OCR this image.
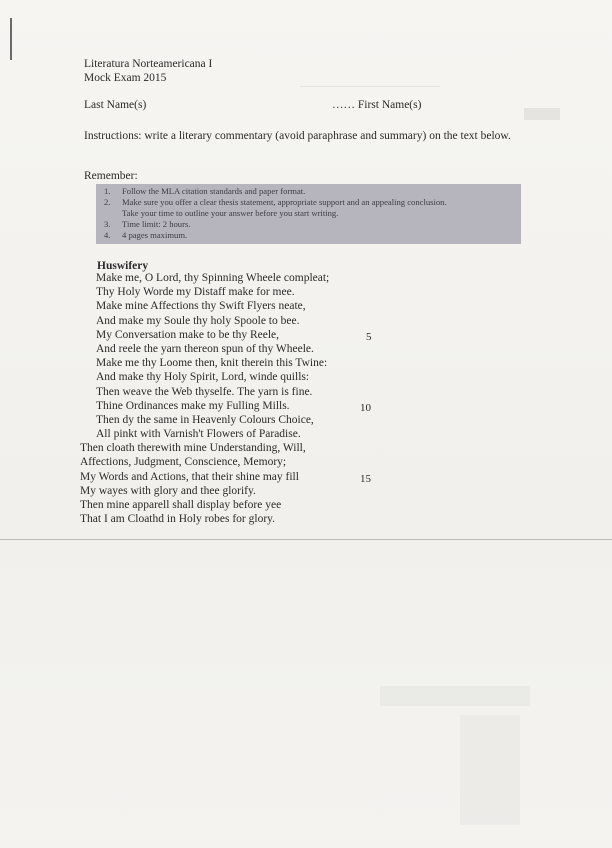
Literatura Norteamericana I
Mock Exam 2015
Last Name(s)	…… First Name(s)
Instructions: write a literary commentary (avoid paraphrase and summary) on the text below.
Remember:
1. Follow the MLA citation standards and paper format.
2. Make sure you offer a clear thesis statement, appropriate support and an appealing conclusion.
Take your time to outline your answer before you start writing.
3. Time limit: 2 hours.
4. 4 pages maximum.
Huswifery
Make me, O Lord, thy Spinning Wheele compleat;
Thy Holy Worde my Distaff make for mee.
Make mine Affections thy Swift Flyers neate,
And make my Soule thy holy Spoole to bee.
My Conversation make to be thy Reele,
And reele the yarn thereon spun of thy Wheele.
Make me thy Loome then, knit therein this Twine:
And make thy Holy Spirit, Lord, winde quills:
Then weave the Web thyselfe. The yarn is fine.
Thine Ordinances make my Fulling Mills.
Then dy the same in Heavenly Colours Choice,
All pinkt with Varnish't Flowers of Paradise.
Then cloath therewith mine Understanding, Will,
Affections, Judgment, Conscience, Memory;
My Words and Actions, that their shine may fill
My wayes with glory and thee glorify.
Then mine apparell shall display before yee
That I am Cloathd in Holy robes for glory.
5
10
15
